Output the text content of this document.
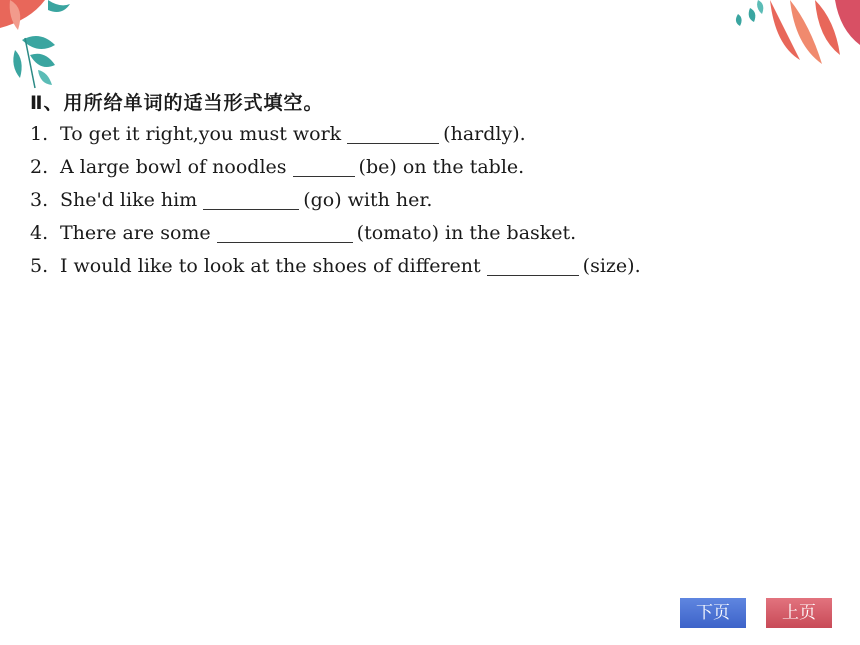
Ⅱ、用所给单词的适当形式填空。
1. To get it right,you must work	(hardly).
2. A large bowl of noodles	(be) on the table.
3. She'd like him	(go) with her.
4. There are some	(tomato) in the basket.
5. I would like to look at the shoes of different	(size).
下页	上页
